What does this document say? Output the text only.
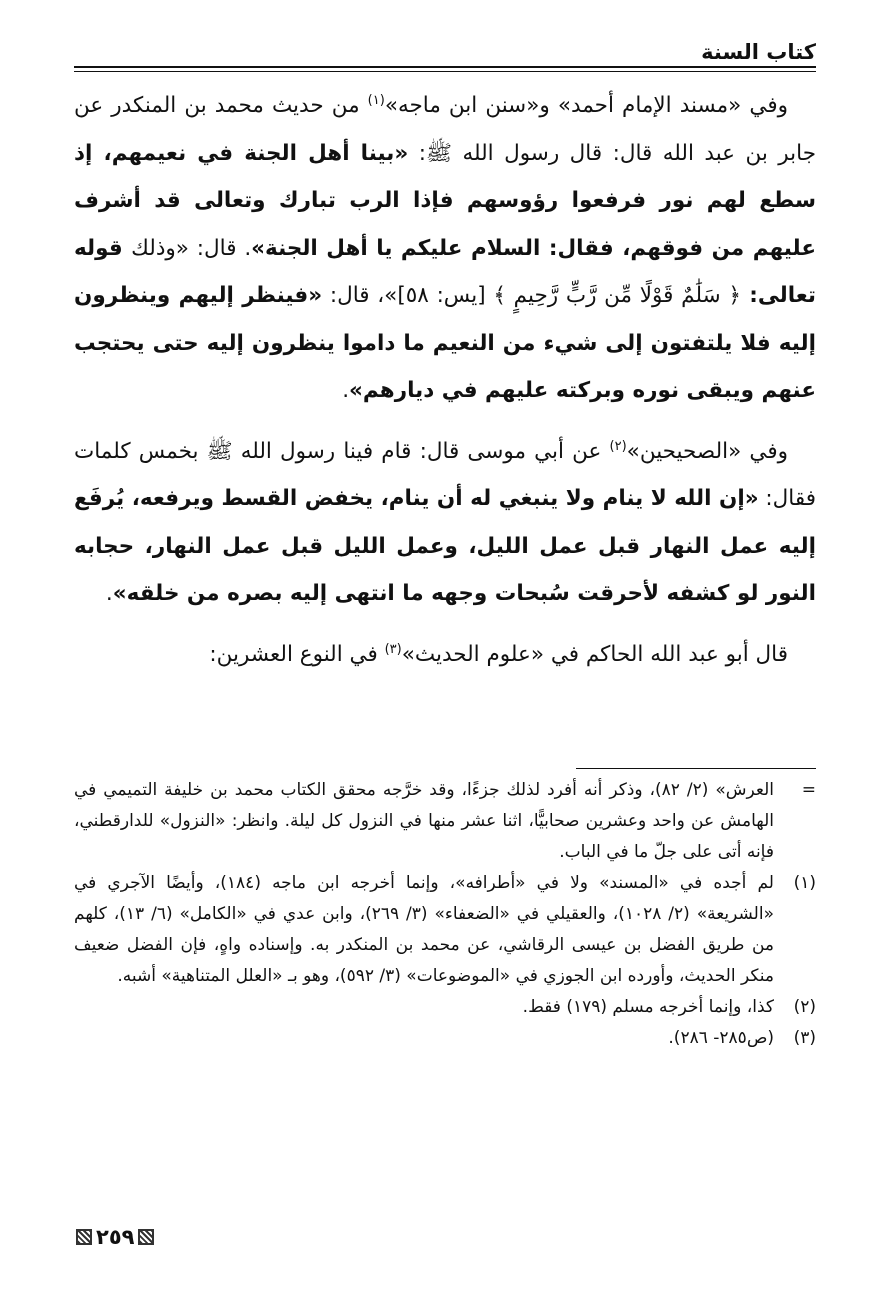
كتاب السنة

وفي «مسند الإمام أحمد» و«سنن ابن ماجه»$^{(١)}$ من حديث محمد بن المنكدر عن جابر بن عبد الله قال: قال رسول الله ﷺ: «بينا أهل الجنة في نعيمهم، إذ سطع لهم نور فرفعوا رؤوسهم فإذا الرب تبارك وتعالى قد أشرف عليهم من فوقهم، فقال: السلام عليكم يا أهل الجنة». قال: «وذلك قوله تعالى: ﴿ سَلَٰمٌ قَوْلًا مِّن رَّبٍّ رَّحِيمٍ ﴾ [يس: ٥٨]»، قال: «فينظر إليهم وينظرون إليه فلا يلتفتون إلى شيء من النعيم ما داموا ينظرون إليه حتى يحتجب عنهم ويبقى نوره وبركته عليهم في ديارهم».

وفي «الصحيحين»$^{(٢)}$ عن أبي موسى قال: قام فينا رسول الله ﷺ بخمس كلمات فقال: «إن الله لا ينام ولا ينبغي له أن ينام، يخفض القسط ويرفعه، يُرفَع إليه عمل النهار قبل عمل الليل، وعمل الليل قبل عمل النهار، حجابه النور لو كشفه لأحرقت سُبحات وجهه ما انتهى إليه بصره من خلقه».

قال أبو عبد الله الحاكم في «علوم الحديث»$^{(٣)}$ في النوع العشرين:

=
العرش» (٢/ ٨٢)، وذكر أنه أفرد لذلك جزءًا، وقد خرَّجه محقق الكتاب محمد بن خليفة التميمي في الهامش عن واحد وعشرين صحابيًّا، اثنا عشر منها في النزول كل ليلة. وانظر: «النزول» للدارقطني، فإنه أتى على جلّ ما في الباب.
(١)
لم أجده في «المسند» ولا في «أطرافه»، وإنما أخرجه ابن ماجه (١٨٤)، وأيضًا الآجري في «الشريعة» (٢/ ١٠٢٨)، والعقيلي في «الضعفاء» (٣/ ٢٦٩)، وابن عدي في «الكامل» (٦/ ١٣)، كلهم من طريق الفضل بن عيسى الرقاشي، عن محمد بن المنكدر به. وإسناده واهٍ، فإن الفضل ضعيف منكر الحديث، وأورده ابن الجوزي في «الموضوعات» (٣/ ٥٩٢)، وهو بـ «العلل المتناهية» أشبه.
(٢)
كذا، وإنما أخرجه مسلم (١٧٩) فقط.
(٣)
(ص٢٨٥- ٢٨٦).
٢٥٩
